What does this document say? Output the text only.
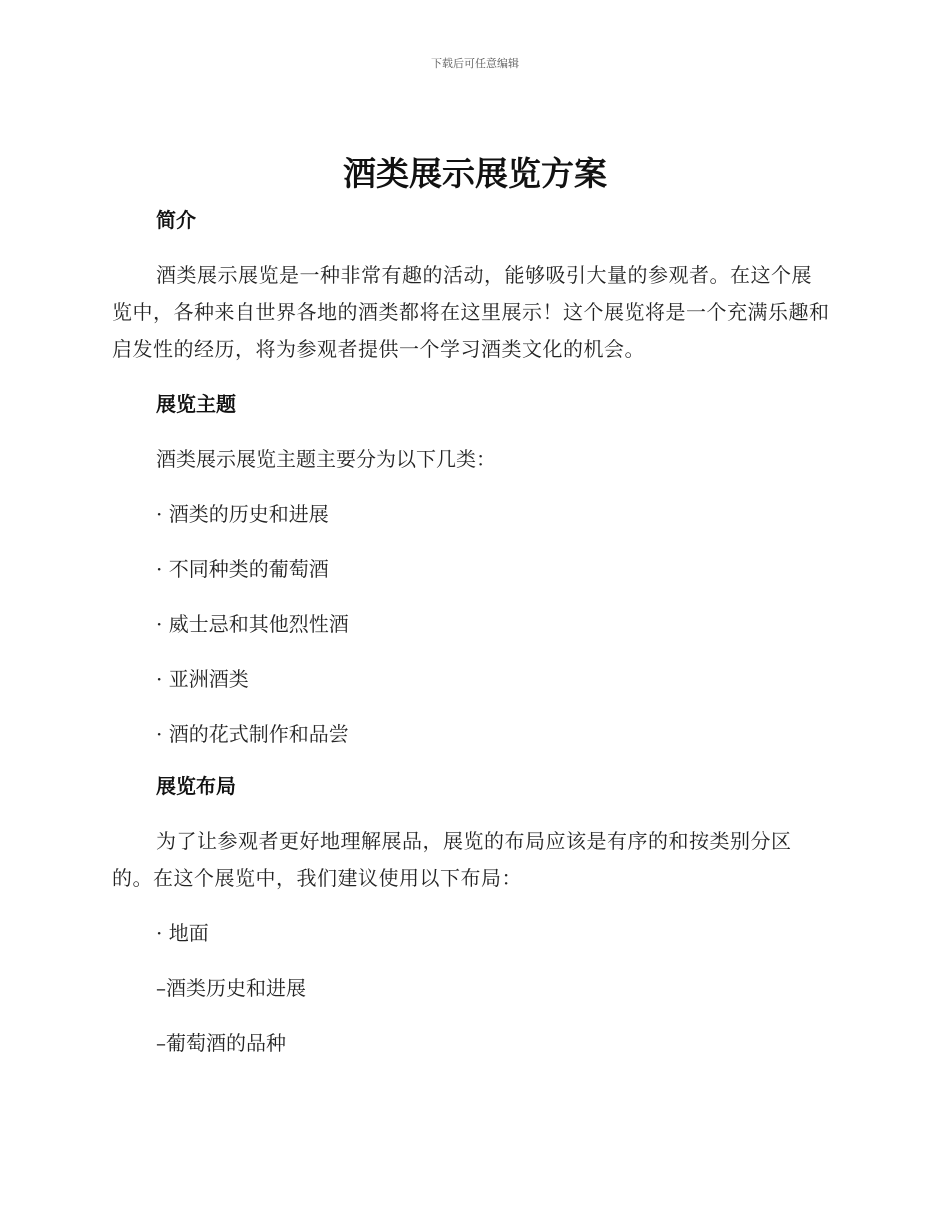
下载后可任意编辑
酒类展示展览方案
简介

酒类展示展览是一种非常有趣的活动，能够吸引大量的参观者。在这个展览中，各种来自世界各地的酒类都将在这里展示！这个展览将是一个充满乐趣和启发性的经历，将为参观者提供一个学习酒类文化的机会。

展览主题

酒类展示展览主题主要分为以下几类：

· 酒类的历史和进展

· 不同种类的葡萄酒

· 威士忌和其他烈性酒

· 亚洲酒类

· 酒的花式制作和品尝

展览布局

为了让参观者更好地理解展品，展览的布局应该是有序的和按类别分区的。在这个展览中，我们建议使用以下布局：

· 地面

–酒类历史和进展

–葡萄酒的品种
